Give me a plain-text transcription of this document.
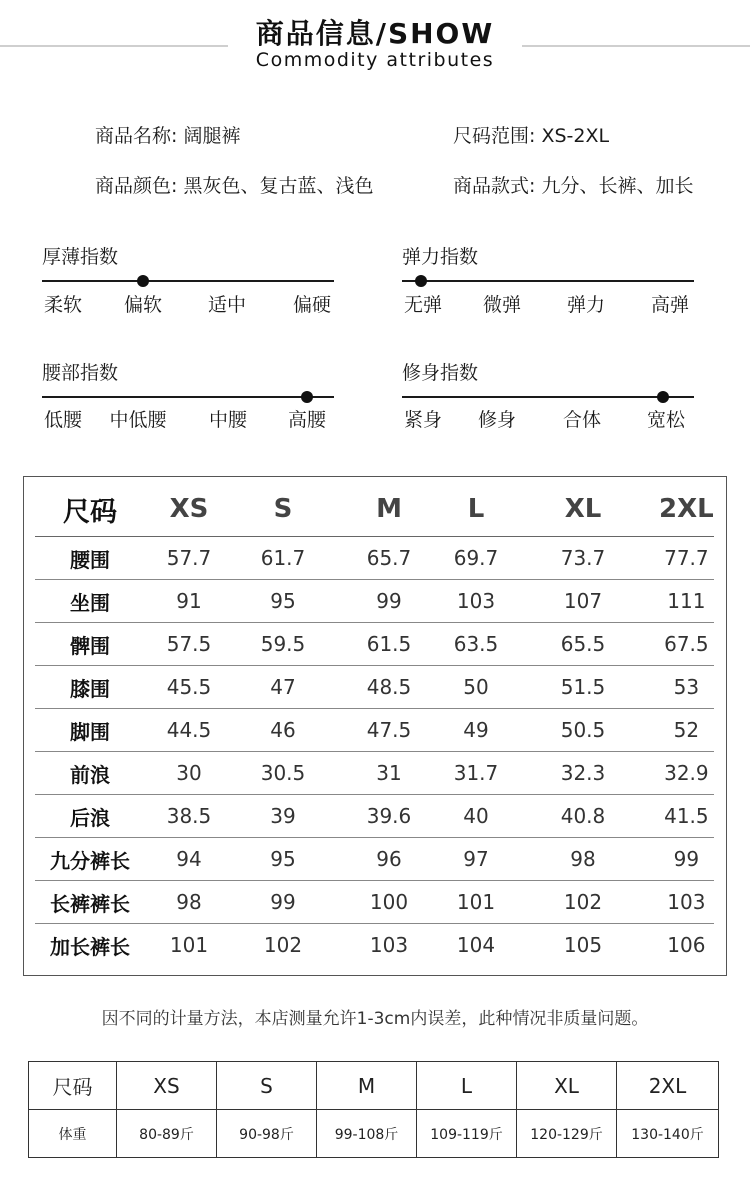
商品信息/SHOW
Commodity attributes
商品名称: 阔腿裤	尺码范围: XS-2XL
商品颜色: 黑灰色、复古蓝、浅色	商品款式: 九分、长裤、加长
厚薄指数
柔软	偏软	适中	偏硬
弹力指数
无弹	微弹	弹力	高弹
腰部指数
低腰	中低腰	中腰	高腰
修身指数
紧身	修身	合体	宽松
尺码	XS	S	M	L	XL	2XL
腰围	57.7	61.7	65.7	69.7	73.7	77.7
坐围	91	95	99	103	107	111
髀围	57.5	59.5	61.5	63.5	65.5	67.5
膝围	45.5	47	48.5	50	51.5	53
脚围	44.5	46	47.5	49	50.5	52
前浪	30	30.5	31	31.7	32.3	32.9
后浪	38.5	39	39.6	40	40.8	41.5
九分裤长	94	95	96	97	98	99
长裤裤长	98	99	100	101	102	103
加长裤长	101	102	103	104	105	106
因不同的计量方法，本店测量允许1-3cm内误差，此种情况非质量问题。
尺码	XS	S	M	L	XL	2XL
体重	80-89斤	90-98斤	99-108斤	109-119斤	120-129斤	130-140斤
